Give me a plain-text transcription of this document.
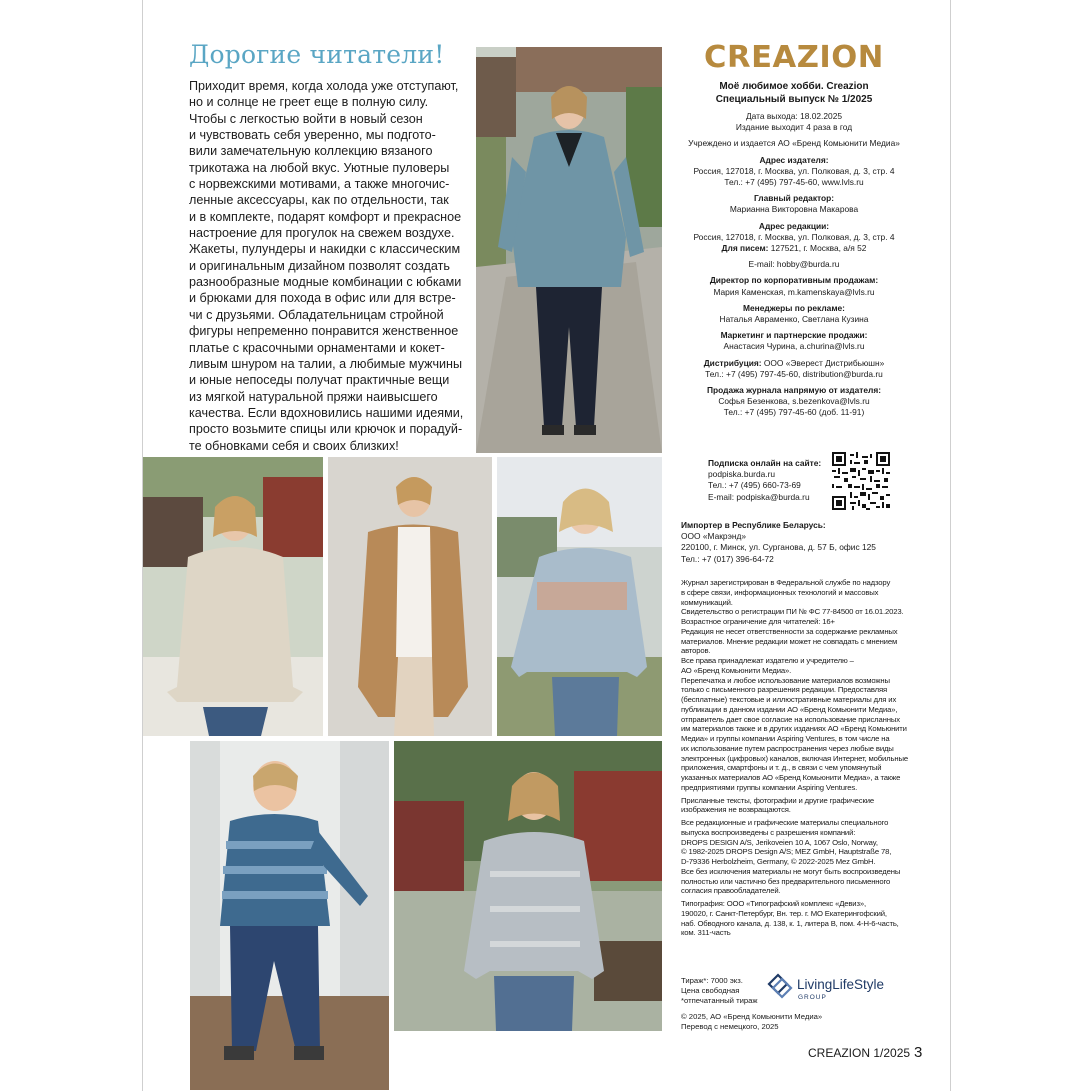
Дорогие читатели!

Приходит время, когда холода уже отступают,

но и солнце не греет еще в полную силу.

Чтобы с легкостью войти в новый сезон

и чувствовать себя уверенно, мы подгото-

вили замечательную коллекцию вязаного

трикотажа на любой вкус. Уютные пуловеры

с норвежскими мотивами, а также многочис-

ленные аксессуары, как по отдельности, так

и в комплекте, подарят комфорт и прекрасное

настроение для прогулок на свежем воздухе.

Жакеты, пулундеры и накидки с классическим

и оригинальным дизайном позволят создать

разнообразные модные комбинации с юбками

и брюками для похода в офис или для встре-

чи с друзьями. Обладательницам стройной

фигуры непременно понравится женственное

платье с красочными орнаментами и кокет-

ливым шнуром на талии, а любимые мужчины

и юные непоседы получат практичные вещи

из мягкой натуральной пряжи наивысшего

качества. Если вдохновились нашими идеями,

просто возьмите спицы или крючок и порадуй-

те обновками себя и своих близких!

CREAZION
Моё любимое хобби. Creazion
Специальный выпуск № 1/2025
Дата выхода: 18.02.2025
Издание выходит 4 раза в год
Учреждено и издается АО «Бренд Комьюнити Медиа»
Адрес издателя:
Россия, 127018, г. Москва, ул. Полковая, д. 3, стр. 4
Тел.: +7 (495) 797-45-60, www.lvls.ru
Главный редактор:
Марианна Викторовна Макарова
Адрес редакции:
Россия, 127018, г. Москва, ул. Полковая, д. 3, стр. 4
Для писем: 127521, г. Москва, а/я 52
E-mail: hobby@burda.ru
Директор по корпоративным продажам:
Мария Каменская, m.kamenskaya@lvls.ru
Менеджеры по рекламе:
Наталья Авраменко, Светлана Кузина
Маркетинг и партнерские продажи:
Анастасия Чурина, a.churina@lvls.ru
Дистрибуция: ООО «Эверест Дистрибьюшн»
Тел.: +7 (495) 797-45-60, distribution@burda.ru
Продажа журнала напрямую от издателя:
Софья Безенкова, s.bezenkova@lvls.ru
Тел.: +7 (495) 797-45-60 (доб. 11-91)
Подписка онлайн на сайте:
podpiska.burda.ru
Тел.: +7 (495) 660-73-69
E-mail: podpiska@burda.ru
Импортер в Республике Беларусь:
ООО «Макрэнд»
220100, г. Минск, ул. Сурганова, д. 57 Б, офис 125
Тел.: +7 (017) 396-64-72

Журнал зарегистрирован в Федеральной службе по надзору

в сфере связи, информационных технологий и массовых

коммуникаций.

Свидетельство о регистрации ПИ № ФС 77-84500 от 16.01.2023.

Возрастное ограничение для читателей: 16+

Редакция не несет ответственности за содержание рекламных

материалов. Мнение редакции может не совпадать с мнением

авторов.

Все права принадлежат издателю и учредителю –

АО «Бренд Комьюнити Медиа».

Перепечатка и любое использование материалов возможны

только с письменного разрешения редакции. Предоставляя

(бесплатные) текстовые и иллюстративные материалы для их

публикации в данном издании АО «Бренд Комьюнити Медиа»,

отправитель дает свое согласие на использование присланных

им материалов также и в других изданиях АО «Бренд Комьюнити

Медиа» и группы компании Aspiring Ventures, в том числе на

их использование путем распространения через любые виды

электронных (цифровых) каналов, включая Интернет, мобильные

приложения, смартфоны и т. д., в связи с чем упомянутый

указанных материалов АО «Бренд Комьюнити Медиа», а также

предприятиями группы компании Aspiring Ventures.

Присланные тексты, фотографии и другие графические

изображения не возвращаются.

Все редакционные и графические материалы специального

выпуска воспроизведены с разрешения компаний:

DROPS DESIGN A/S, Jerikoveien 10 A, 1067 Oslo, Norway,

© 1982-2025 DROPS Design A/S; MEZ GmbH, Hauptstraße 78,

D-79336 Herbolzheim, Germany, © 2022-2025 Mez GmbH.

Все без исключения материалы не могут быть воспроизведены

полностью или частично без предварительного письменного

согласия правообладателей.

Типография: ООО «Типографский комплекс «Девиз»,

190020, г. Санкт-Петербург, Вн. тер. г. МО Екатерингофский,

наб. Обводного канала, д. 138, к. 1, литера В, пом. 4-Н-6-часть,

ком. 311-часть

Тираж*: 7000 экз.
Цена свободная
*отпечатанный тираж
LivingLifeStyle
GROUP
© 2025, АО «Бренд Комьюнити Медиа»
Перевод с немецкого, 2025
CREAZION 1/2025 3
